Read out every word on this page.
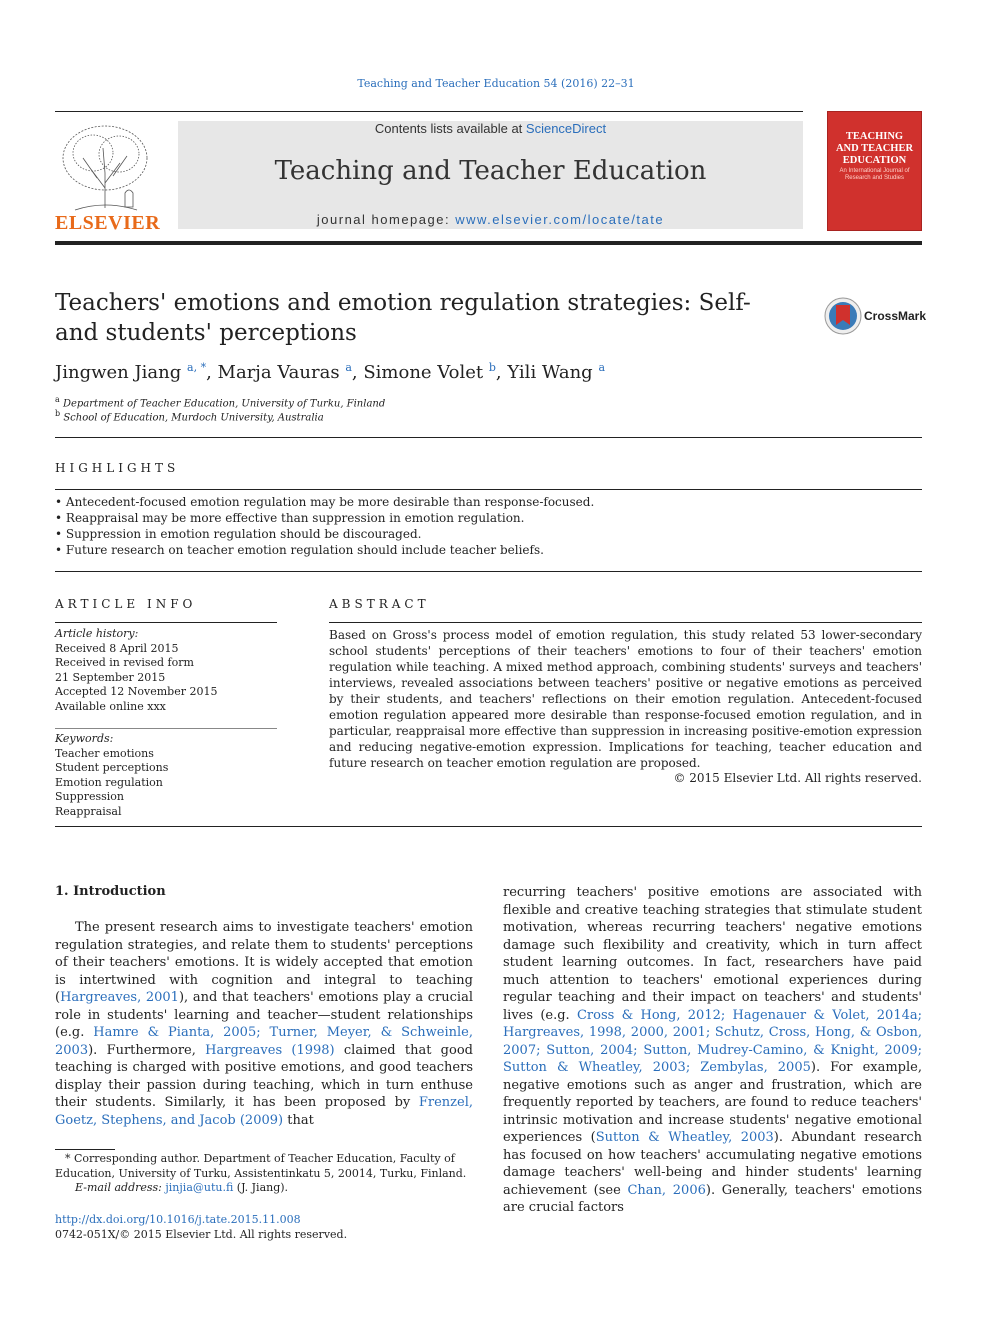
Teaching and Teacher Education 54 (2016) 22–31
ELSEVIER
Contents lists available at ScienceDirect
Teaching and Teacher Education
journal homepage: www.elsevier.com/locate/tate
TEACHING
AND TEACHER
EDUCATION
An International Journal of Research and Studies
Teachers' emotions and emotion regulation strategies: Self- and students' perceptions
CrossMark
Jingwen Jiang $^{a, *}$, Marja Vauras $^a$, Simone Volet $^b$, Yili Wang $^a$
$^a$ Department of Teacher Education, University of Turku, Finland
$^b$ School of Education, Murdoch University, Australia
HIGHLIGHTS
• Antecedent-focused emotion regulation may be more desirable than response-focused.
• Reappraisal may be more effective than suppression in emotion regulation.
• Suppression in emotion regulation should be discouraged.
• Future research on teacher emotion regulation should include teacher beliefs.
ARTICLE INFO
Article history:
Received 8 April 2015
Received in revised form
21 September 2015
Accepted 12 November 2015
Available online xxx
Keywords:
Teacher emotions
Student perceptions
Emotion regulation
Suppression
Reappraisal
ABSTRACT
Based on Gross's process model of emotion regulation, this study related 53 lower-secondary school students' perceptions of their teachers' emotions to four of their teachers' emotion regulation while teaching. A mixed method approach, combining students' surveys and teachers' interviews, revealed associations between teachers' positive or negative emotions as perceived by their students, and teachers' reflections on their emotion regulation. Antecedent-focused emotion regulation appeared more desirable than response-focused emotion regulation, and in particular, reappraisal more effective than suppression in increasing positive-emotion expression and reducing negative-emotion expression. Implications for teaching, teacher education and future research on teacher emotion regulation are proposed.
© 2015 Elsevier Ltd. All rights reserved.
1. Introduction
The present research aims to investigate teachers' emotion regulation strategies, and relate them to students' perceptions of their teachers' emotions. It is widely accepted that emotion is intertwined with cognition and integral to teaching (Hargreaves, 2001), and that teachers' emotions play a crucial role in students' learning and teacher—student relationships (e.g. Hamre & Pianta, 2005; Turner, Meyer, & Schweinle, 2003). Furthermore, Hargreaves (1998) claimed that good teaching is charged with positive emotions, and good teachers display their passion during teaching, which in turn enthuse their students. Similarly, it has been proposed by Frenzel, Goetz, Stephens, and Jacob (2009) that
recurring teachers' positive emotions are associated with flexible and creative teaching strategies that stimulate student motivation, whereas recurring teachers' negative emotions damage such flexibility and creativity, which in turn affect student learning outcomes. In fact, researchers have paid much attention to teachers' emotional experiences during regular teaching and their impact on teachers' and students' lives (e.g. Cross & Hong, 2012; Hagenauer & Volet, 2014a; Hargreaves, 1998, 2000, 2001; Schutz, Cross, Hong, & Osbon, 2007; Sutton, 2004; Sutton, Mudrey-Camino, & Knight, 2009; Sutton & Wheatley, 2003; Zembylas, 2005). For example, negative emotions such as anger and frustration, which are frequently reported by teachers, are found to reduce teachers' intrinsic motivation and increase students' negative emotional experiences (Sutton & Wheatley, 2003). Abundant research has focused on how teachers' accumulating negative emotions damage teachers' well-being and hinder students' learning achievement (see Chan, 2006). Generally, teachers' emotions are crucial factors
* Corresponding author. Department of Teacher Education, Faculty of Education, University of Turku, Assistentinkatu 5, 20014, Turku, Finland.
E-mail address: jinjia@utu.fi (J. Jiang).
http://dx.doi.org/10.1016/j.tate.2015.11.008
0742-051X/© 2015 Elsevier Ltd. All rights reserved.
